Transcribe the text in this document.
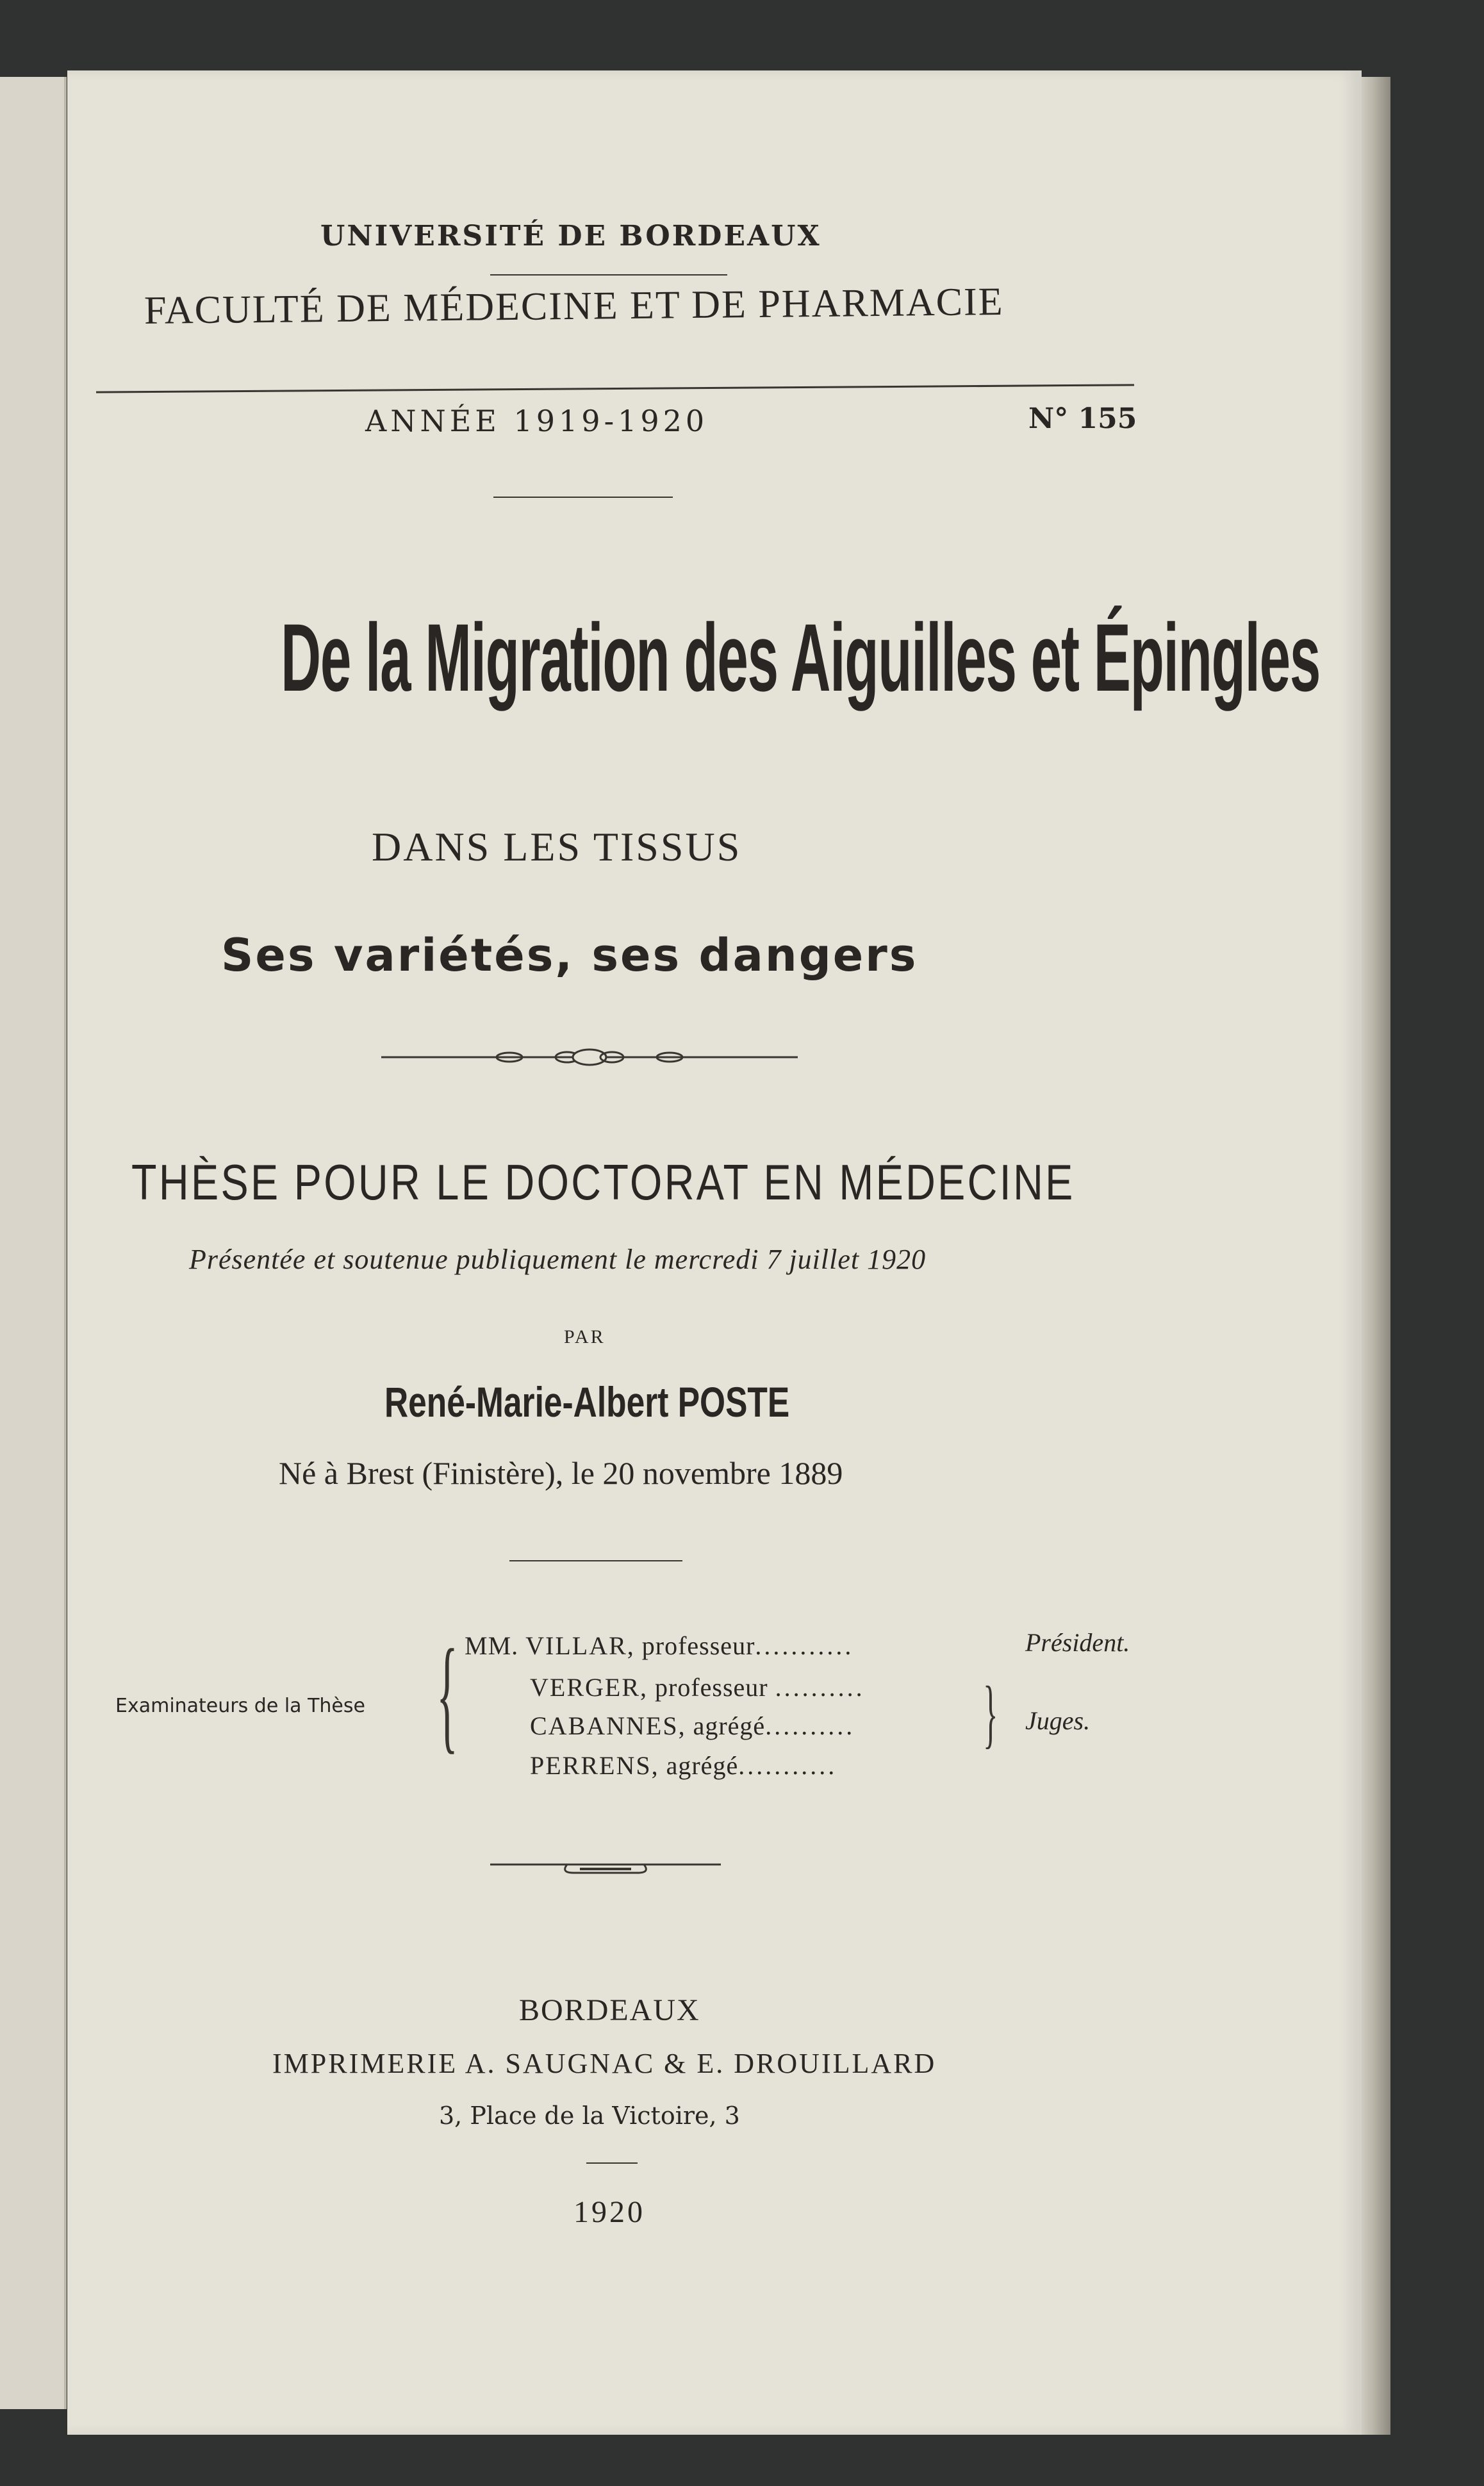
UNIVERSITÉ DE BORDEAUX
FACULTÉ DE MÉDECINE ET DE PHARMACIE
ANNÉE 1919-1920	N° 155
De la Migration des Aiguilles et Épingles
DANS LES TISSUS
Ses variétés, ses dangers
THÈSE POUR LE DOCTORAT EN MÉDECINE
Présentée et soutenue publiquement le mercredi 7 juillet 1920
PAR
René-Marie-Albert POSTE
Né à Brest (Finistère), le 20 novembre 1889
Examinateurs de la Thèse { MM. VILLAR, professeur...........
VERGER, professeur ..........
CABANNES, agrégé..........
PERRENS, agrégé...........
}
Président.
Juges.
BORDEAUX
IMPRIMERIE A. SAUGNAC & E. DROUILLARD
3, Place de la Victoire, 3
1920
